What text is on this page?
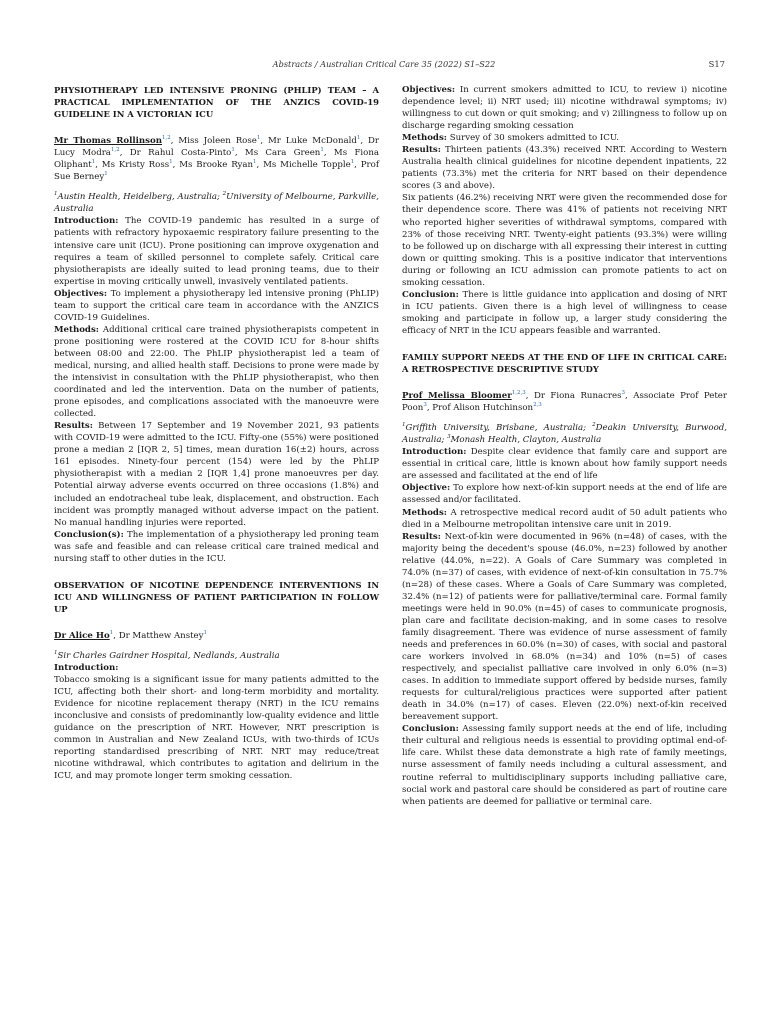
Abstracts / Australian Critical Care 35 (2022) S1–S22	S17
PHYSIOTHERAPY LED INTENSIVE PRONING (PHLIP) TEAM – A PRACTICAL IMPLEMENTATION OF THE ANZICS COVID-19 GUIDELINE IN A VICTORIAN ICU

Mr Thomas Rollinson$^{1,2}$, Miss Joleen Rose$^1$, Mr Luke McDonald$^1$, Dr Lucy Modra$^{1,2}$, Dr Rahul Costa-Pinto$^1$, Ms Cara Green$^1$, Ms Fiona Oliphant$^1$, Ms Kristy Ross$^1$, Ms Brooke Ryan$^1$, Ms Michelle Topple$^1$, Prof Sue Berney$^1$

$^1$Austin Health, Heidelberg, Australia; $^2$University of Melbourne, Parkville, Australia

Introduction: The COVID-19 pandemic has resulted in a surge of patients with refractory hypoxaemic respiratory failure presenting to the intensive care unit (ICU). Prone positioning can improve oxygenation and requires a team of skilled personnel to complete safely. Critical care physiotherapists are ideally suited to lead proning teams, due to their expertise in moving critically unwell, invasively ventilated patients.

Objectives: To implement a physiotherapy led intensive proning (PhLIP) team to support the critical care team in accordance with the ANZICS COVID-19 Guidelines.

Methods: Additional critical care trained physiotherapists competent in prone positioning were rostered at the COVID ICU for 8-hour shifts between 08:00 and 22:00. The PhLIP physiotherapist led a team of medical, nursing, and allied health staff. Decisions to prone were made by the intensivist in consultation with the PhLIP physiotherapist, who then coordinated and led the intervention. Data on the number of patients, prone episodes, and complications associated with the manoeuvre were collected.

Results: Between 17 September and 19 November 2021, 93 patients with COVID-19 were admitted to the ICU. Fifty-one (55%) were positioned prone a median 2 [IQR 2, 5] times, mean duration 16(±2) hours, across 161 episodes. Ninety-four percent (154) were led by the PhLIP physiotherapist with a median 2 [IQR 1,4] prone manoeuvres per day. Potential airway adverse events occurred on three occasions (1.8%) and included an endotracheal tube leak, displacement, and obstruction. Each incident was promptly managed without adverse impact on the patient. No manual handling injuries were reported.

Conclusion(s): The implementation of a physiotherapy led proning team was safe and feasible and can release critical care trained medical and nursing staff to other duties in the ICU.

OBSERVATION OF NICOTINE DEPENDENCE INTERVENTIONS IN ICU AND WILLINGNESS OF PATIENT PARTICIPATION IN FOLLOW UP

Dr Alice Ho$^1$, Dr Matthew Anstey$^1$

$^1$Sir Charles Gairdner Hospital, Nedlands, Australia

Introduction:

Tobacco smoking is a significant issue for many patients admitted to the ICU, affecting both their short- and long-term morbidity and mortality. Evidence for nicotine replacement therapy (NRT) in the ICU remains inconclusive and consists of predominantly low-quality evidence and little guidance on the prescription of NRT. However, NRT prescription is common in Australian and New Zealand ICUs, with two-thirds of ICUs reporting standardised prescribing of NRT. NRT may reduce/treat nicotine withdrawal, which contributes to agitation and delirium in the ICU, and may promote longer term smoking cessation.

Objectives: In current smokers admitted to ICU, to review i) nicotine dependence level; ii) NRT used; iii) nicotine withdrawal symptoms; iv) willingness to cut down or quit smoking; and v) 2illingness to follow up on discharge regarding smoking cessation

Methods: Survey of 30 smokers admitted to ICU.

Results: Thirteen patients (43.3%) received NRT. According to Western Australia health clinical guidelines for nicotine dependent inpatients, 22 patients (73.3%) met the criteria for NRT based on their dependence scores (3 and above).

Six patients (46.2%) receiving NRT were given the recommended dose for their dependence score. There was 41% of patients not receiving NRT who reported higher severities of withdrawal symptoms, compared with 23% of those receiving NRT. Twenty-eight patients (93.3%) were willing to be followed up on discharge with all expressing their interest in cutting down or quitting smoking. This is a positive indicator that interventions during or following an ICU admission can promote patients to act on smoking cessation.

Conclusion: There is little guidance into application and dosing of NRT in ICU patients. Given there is a high level of willingness to cease smoking and participate in follow up, a larger study considering the efficacy of NRT in the ICU appears feasible and warranted.

FAMILY SUPPORT NEEDS AT THE END OF LIFE IN CRITICAL CARE: A RETROSPECTIVE DESCRIPTIVE STUDY

Prof Melissa Bloomer$^{1,2,3}$, Dr Fiona Runacres$^3$, Associate Prof Peter Poon$^3$, Prof Alison Hutchinson$^{2,3}$

$^1$Griffith University, Brisbane, Australia; $^2$Deakin University, Burwood, Australia; $^3$Monash Health, Clayton, Australia

Introduction: Despite clear evidence that family care and support are essential in critical care, little is known about how family support needs are assessed and facilitated at the end of life

Objective: To explore how next-of-kin support needs at the end of life are assessed and/or facilitated.

Methods: A retrospective medical record audit of 50 adult patients who died in a Melbourne metropolitan intensive care unit in 2019.

Results: Next-of-kin were documented in 96% (n=48) of cases, with the majority being the decedent's spouse (46.0%, n=23) followed by another relative (44.0%, n=22). A Goals of Care Summary was completed in 74.0% (n=37) of cases, with evidence of next-of-kin consultation in 75.7% (n=28) of these cases. Where a Goals of Care Summary was completed, 32.4% (n=12) of patients were for palliative/terminal care. Formal family meetings were held in 90.0% (n=45) of cases to communicate prognosis, plan care and facilitate decision-making, and in some cases to resolve family disagreement. There was evidence of nurse assessment of family needs and preferences in 60.0% (n=30) of cases, with social and pastoral care workers involved in 68.0% (n=34) and 10% (n=5) of cases respectively, and specialist palliative care involved in only 6.0% (n=3) cases. In addition to immediate support offered by bedside nurses, family requests for cultural/religious practices were supported after patient death in 34.0% (n=17) of cases. Eleven (22.0%) next-of-kin received bereavement support.

Conclusion: Assessing family support needs at the end of life, including their cultural and religious needs is essential to providing optimal end-of-life care. Whilst these data demonstrate a high rate of family meetings, nurse assessment of family needs including a cultural assessment, and routine referral to multidisciplinary supports including palliative care, social work and pastoral care should be considered as part of routine care when patients are deemed for palliative or terminal care.
